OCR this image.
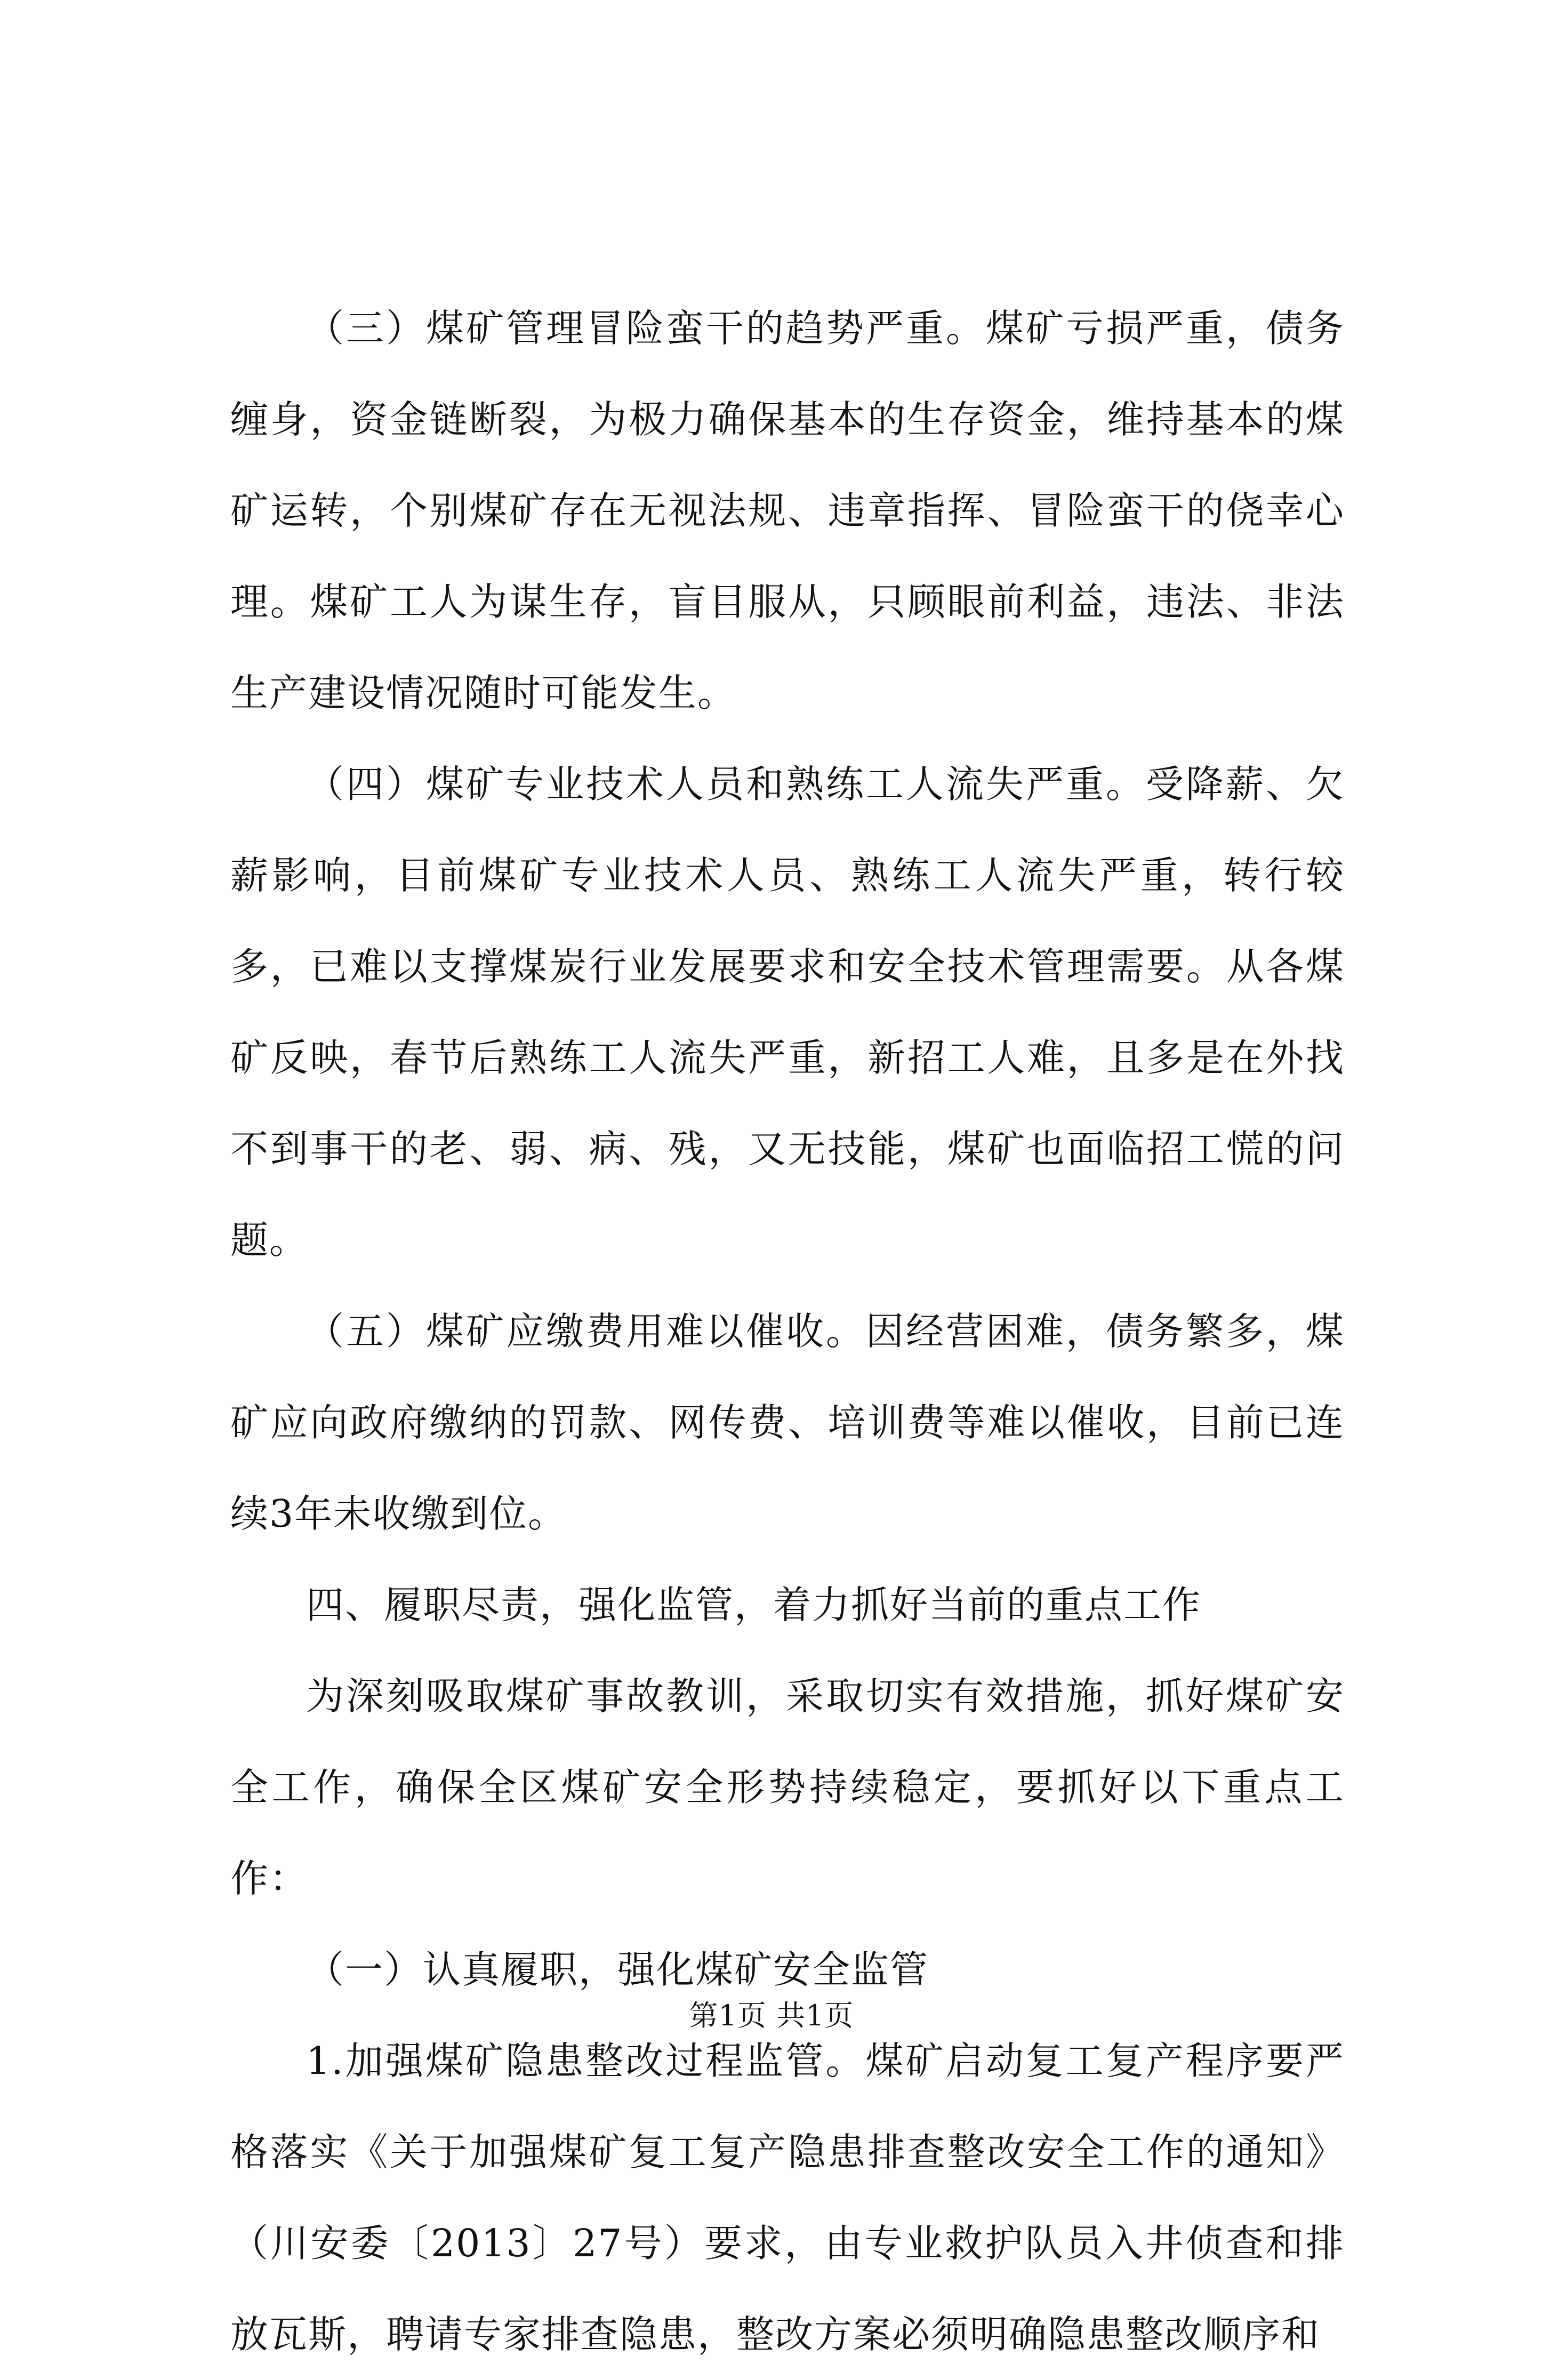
（三）煤矿管理冒险蛮干的趋势严重。煤矿亏损严重，债务缠身，资金链断裂，为极力确保基本的生存资金，维持基本的煤矿运转，个别煤矿存在无视法规、违章指挥、冒险蛮干的侥幸心理。煤矿工人为谋生存，盲目服从，只顾眼前利益，违法、非法生产建设情况随时可能发生。

（四）煤矿专业技术人员和熟练工人流失严重。受降薪、欠薪影响，目前煤矿专业技术人员、熟练工人流失严重，转行较多，已难以支撑煤炭行业发展要求和安全技术管理需要。从各煤矿反映，春节后熟练工人流失严重，新招工人难，且多是在外找不到事干的老、弱、病、残，又无技能，煤矿也面临招工慌的问题。

（五）煤矿应缴费用难以催收。因经营困难，债务繁多，煤矿应向政府缴纳的罚款、网传费、培训费等难以催收，目前已连续3年未收缴到位。

四、履职尽责，强化监管，着力抓好当前的重点工作

为深刻吸取煤矿事故教训，采取切实有效措施，抓好煤矿安全工作，确保全区煤矿安全形势持续稳定，要抓好以下重点工作：

（一）认真履职，强化煤矿安全监管

1.加强煤矿隐患整改过程监管。煤矿启动复工复产程序要严格落实《关于加强煤矿复工复产隐患排查整改安全工作的通知》（川安委〔2013〕27号）要求，由专业救护队员入井侦查和排放瓦斯，聘请专家排查隐患，整改方案必须明确隐患整改顺序和

第1页 共1页
